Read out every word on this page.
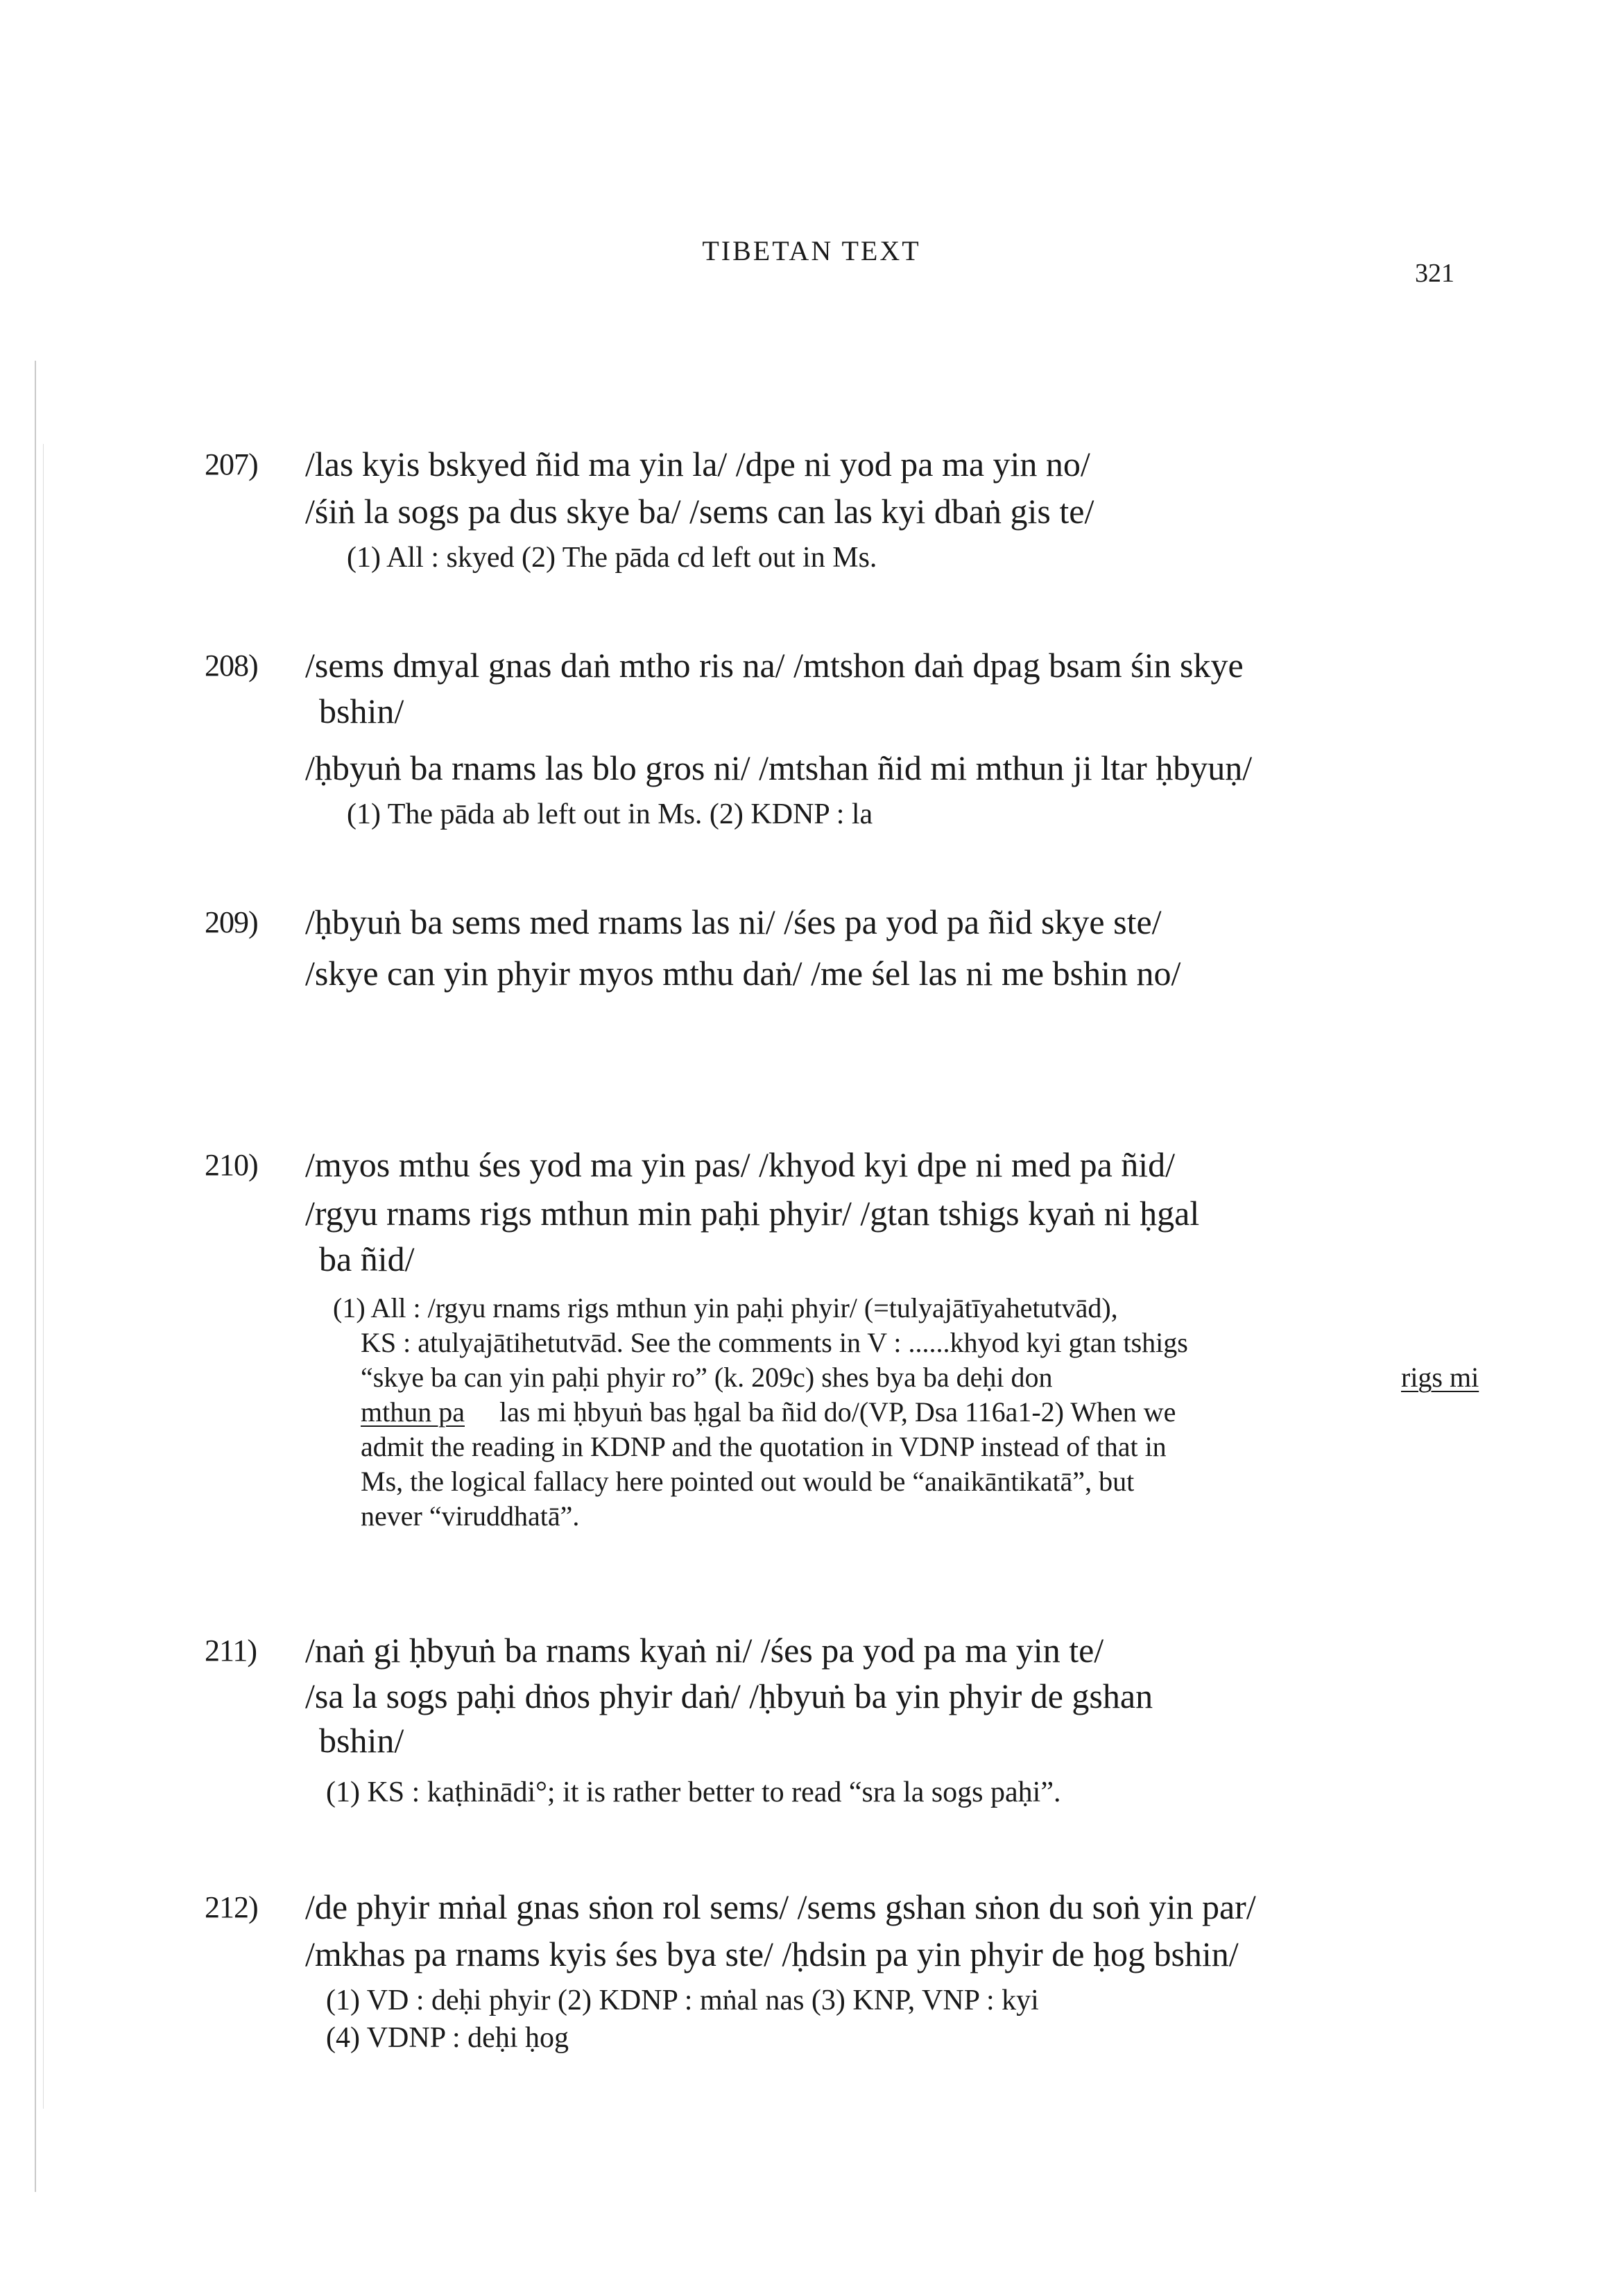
TIBETAN TEXT
321
207) /las kyis bskyed ñid ma yin la/ /dpe ni yod pa ma yin no/

/śiṅ la sogs pa dus skye ba/ /sems can las kyi dbaṅ gis te/

(1) All : skyed (2) The pāda cd left out in Ms.

208) /sems dmyal gnas daṅ mtho ris na/ /mtshon daṅ dpag bsam śin skye

bshin/

/ḥbyuṅ ba rnams las blo gros ni/ /mtshan ñid mi mthun ji ltar ḥbyuṇ/

(1) The pāda ab left out in Ms. (2) KDNP : la

209) /ḥbyuṅ ba sems med rnams las ni/ /śes pa yod pa ñid skye ste/

/skye can yin phyir myos mthu daṅ/ /me śel las ni me bshin no/

210) /myos mthu śes yod ma yin pas/ /khyod kyi dpe ni med pa ñid/

/rgyu rnams rigs mthun min paḥi phyir/ /gtan tshigs kyaṅ ni ḥgal

ba ñid/

(1) All : /rgyu rnams rigs mthun yin paḥi phyir/ (=tulyajātīyahetutvād),

KS : atulyajātihetutvād. See the comments in V : ......khyod kyi gtan tshigs

“skye ba can yin paḥi phyir ro” (k. 209c) shes bya ba deḥi don	rigs mi

mthun pa las mi ḥbyuṅ bas ḥgal ba ñid do/(VP, Dsa 116a1-2) When we

admit the reading in KDNP and the quotation in VDNP instead of that in

Ms, the logical fallacy here pointed out would be “anaikāntikatā”, but

never “viruddhatā”.

211) /naṅ gi ḥbyuṅ ba rnams kyaṅ ni/ /śes pa yod pa ma yin te/

/sa la sogs paḥi dṅos phyir daṅ/ /ḥbyuṅ ba yin phyir de gshan

bshin/

(1) KS : kaṭhinādi°; it is rather better to read “sra la sogs paḥi”.

212) /de phyir mṅal gnas sṅon rol sems/ /sems gshan sṅon du soṅ yin par/

/mkhas pa rnams kyis śes bya ste/ /ḥdsin pa yin phyir de ḥog bshin/

(1) VD : deḥi phyir (2) KDNP : mṅal nas (3) KNP, VNP : kyi

(4) VDNP : deḥi ḥog
